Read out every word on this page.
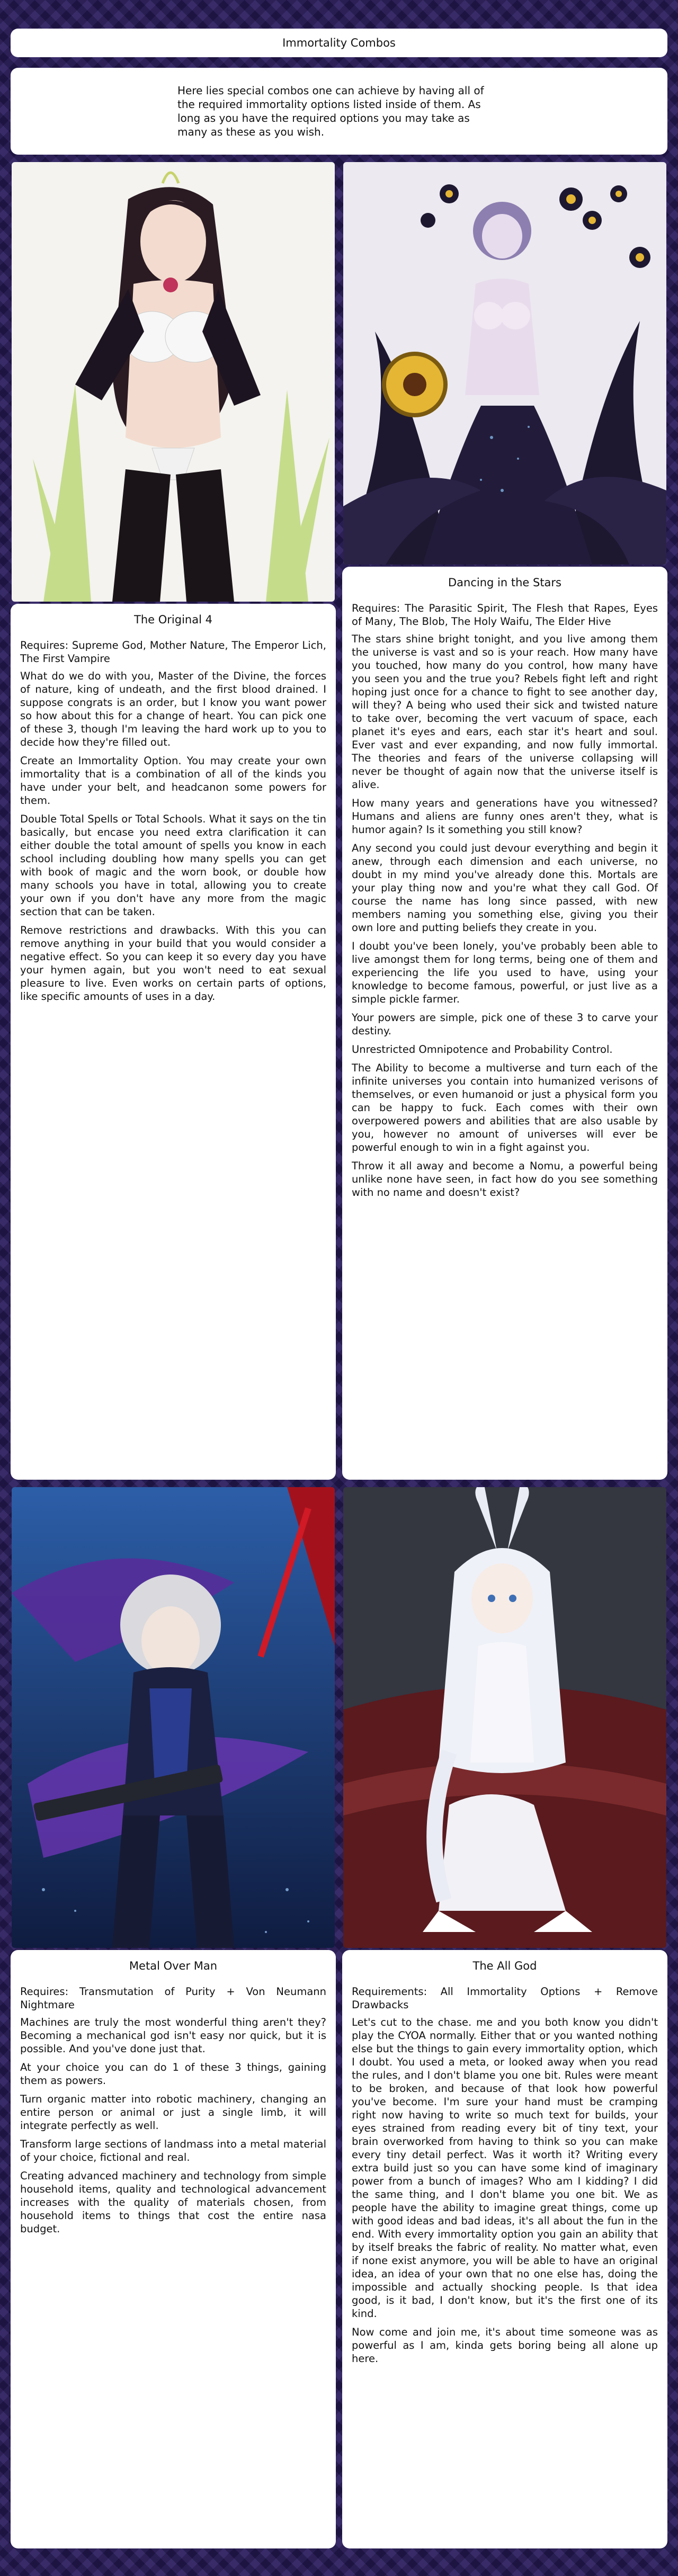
Immortality Combos

Here lies special combos one can achieve by having all of the required immortality options listed inside of them. As long as you have the required options you may take as many as these as you wish.

The Original 4

Requires: Supreme God, Mother Nature, The Emperor Lich, The First Vampire

What do we do with you, Master of the Divine, the forces of nature, king of undeath, and the first blood drained. I suppose congrats is an order, but I know you want power so how about this for a change of heart. You can pick one of these 3, though I'm leaving the hard work up to you to decide how they're filled out.

Create an Immortality Option. You may create your own immortality that is a combination of all of the kinds you have under your belt, and headcanon some powers for them.

Double Total Spells or Total Schools. What it says on the tin basically, but encase you need extra clarification it can either double the total amount of spells you know in each school including doubling how many spells you can get with book of magic and the worn book, or double how many schools you have in total, allowing you to create your own if you don't have any more from the magic section that can be taken.

Remove restrictions and drawbacks. With this you can remove anything in your build that you would consider a negative effect. So you can keep it so every day you have your hymen again, but you won't need to eat sexual pleasure to live. Even works on certain parts of options, like specific amounts of uses in a day.

Dancing in the Stars

Requires: The Parasitic Spirit, The Flesh that Rapes, Eyes of Many, The Blob, The Holy Waifu, The Elder Hive

The stars shine bright tonight, and you live among them the universe is vast and so is your reach. How many have you touched, how many do you control, how many have you seen you and the true you? Rebels fight left and right hoping just once for a chance to fight to see another day, will they? A being who used their sick and twisted nature to take over, becoming the vert vacuum of space, each planet it's eyes and ears, each star it's heart and soul. Ever vast and ever expanding, and now fully immortal. The theories and fears of the universe collapsing will never be thought of again now that the universe itself is alive.

How many years and generations have you witnessed? Humans and aliens are funny ones aren't they, what is humor again? Is it something you still know?

Any second you could just devour everything and begin it anew, through each dimension and each universe, no doubt in my mind you've already done this. Mortals are your play thing now and you're what they call God. Of course the name has long since passed, with new members naming you something else, giving you their own lore and putting beliefs they create in you.

I doubt you've been lonely, you've probably been able to live amongst them for long terms, being one of them and experiencing the life you used to have, using your knowledge to become famous, powerful, or just live as a simple pickle farmer.

Your powers are simple, pick one of these 3 to carve your destiny.

Unrestricted Omnipotence and Probability Control.

The Ability to become a multiverse and turn each of the infinite universes you contain into humanized verisons of themselves, or even humanoid or just a physical form you can be happy to fuck. Each comes with their own overpowered powers and abilities that are also usable by you, however no amount of universes will ever be powerful enough to win in a fight against you.

Throw it all away and become a Nomu, a powerful being unlike none have seen, in fact how do you see something with no name and doesn't exist?

Metal Over Man

Requires: Transmutation of Purity + Von Neumann Nightmare

Machines are truly the most wonderful thing aren't they? Becoming a mechanical god isn't easy nor quick, but it is possible. And you've done just that.

At your choice you can do 1 of these 3 things, gaining them as powers.

Turn organic matter into robotic machinery, changing an entire person or animal or just a single limb, it will integrate perfectly as well.

Transform large sections of landmass into a metal material of your choice, fictional and real.

Creating advanced machinery and technology from simple household items, quality and technological advancement increases with the quality of materials chosen, from household items to things that cost the entire nasa budget.

The All God

Requirements: All Immortality Options + Remove Drawbacks

Let's cut to the chase. me and you both know you didn't play the CYOA normally. Either that or you wanted nothing else but the things to gain every immortality option, which I doubt. You used a meta, or looked away when you read the rules, and I don't blame you one bit. Rules were meant to be broken, and because of that look how powerful you've become. I'm sure your hand must be cramping right now having to write so much text for builds, your eyes strained from reading every bit of tiny text, your brain overworked from having to think so you can make every tiny detail perfect. Was it worth it? Writing every extra build just so you can have some kind of imaginary power from a bunch of images? Who am I kidding? I did the same thing, and I don't blame you one bit. We as people have the ability to imagine great things, come up with good ideas and bad ideas, it's all about the fun in the end. With every immortality option you gain an ability that by itself breaks the fabric of reality. No matter what, even if none exist anymore, you will be able to have an original idea, an idea of your own that no one else has, doing the impossible and actually shocking people. Is that idea good, is it bad, I don't know, but it's the first one of its kind.

Now come and join me, it's about time someone was as powerful as I am, kinda gets boring being all alone up here.
